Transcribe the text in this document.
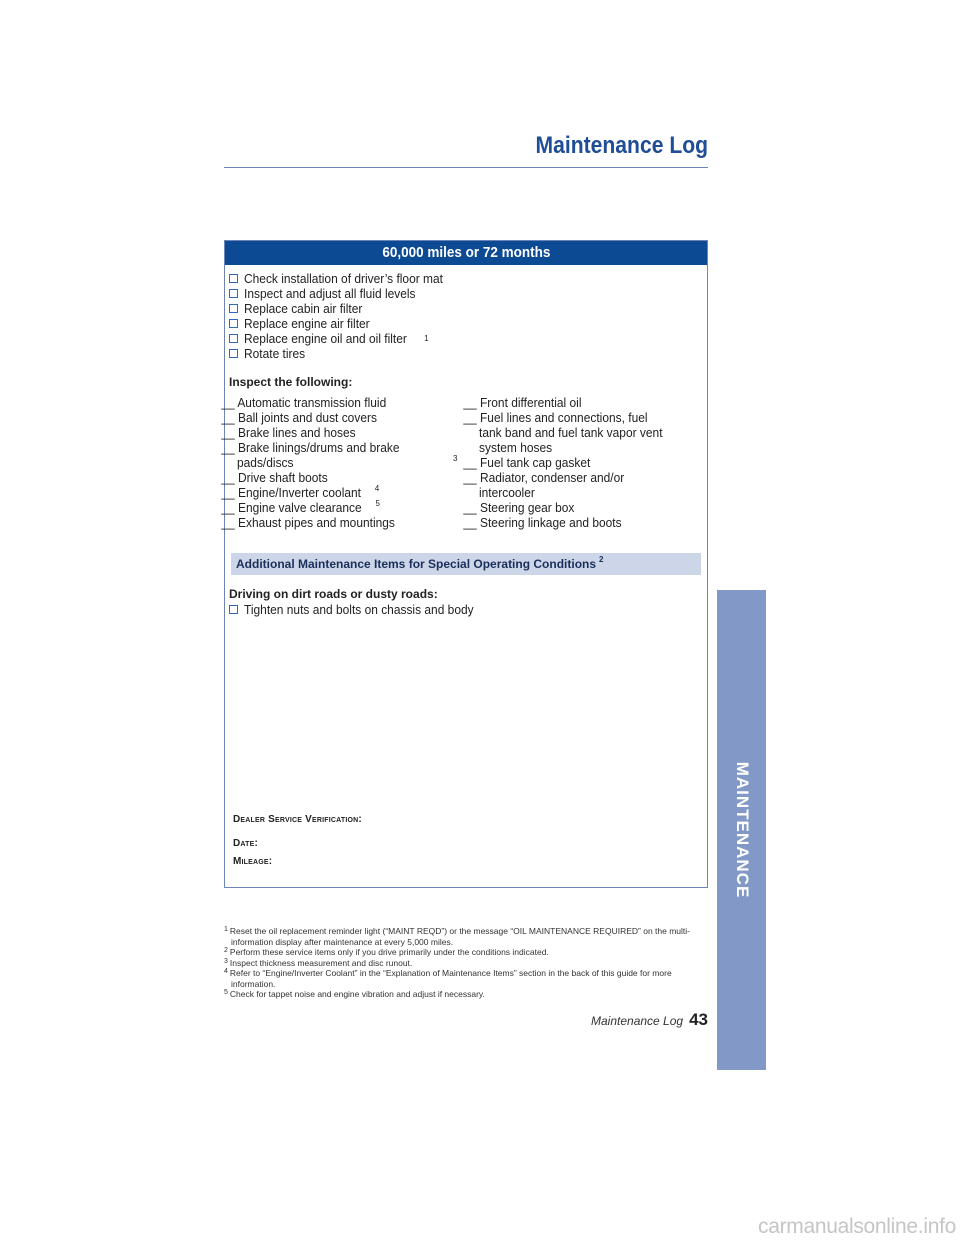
Maintenance Log
60,000 miles or 72 months
Check installation of driver’s floor mat
Inspect and adjust all fluid levels
Replace cabin air filter
Replace engine air filter
Replace engine oil and oil filter 1
Rotate tires
Inspect the following:
__ Automatic transmission fluid
__ Ball joints and dust covers
__ Brake lines and hoses
__ Brake linings/drums and brake pads/discs	$^3$
__ Drive shaft boots
__ Engine/Inverter coolant $^4$
__ Engine valve clearance $^5$
__ Exhaust pipes and mountings
__ Front differential oil
__ Fuel lines and connections, fuel tank band and fuel tank vapor vent system hoses
__ Fuel tank cap gasket
__ Radiator, condenser and/or intercooler
__ Steering gear box
__ Steering linkage and boots
Additional Maintenance Items for Special Operating Conditions $^2$
Driving on dirt roads or dusty roads:
Tighten nuts and bolts on chassis and body
Dealer Service Verification:
Date:
Mileage:
$^1$ Reset the oil replacement reminder light (“MAINT REQD”) or the message “OIL MAINTENANCE REQUIRED” on the multi-information display after maintenance at every 5,000 miles.
$^2$ Perform these service items only if you drive primarily under the conditions indicated.
$^3$ Inspect thickness measurement and disc runout.
$^4$ Refer to “Engine/Inverter Coolant” in the “Explanation of Maintenance Items” section in the back of this guide for more information.
$^5$ Check for tappet noise and engine vibration and adjust if necessary.
Maintenance Log 43
MAINTENANCE
carmanualsonline.info
